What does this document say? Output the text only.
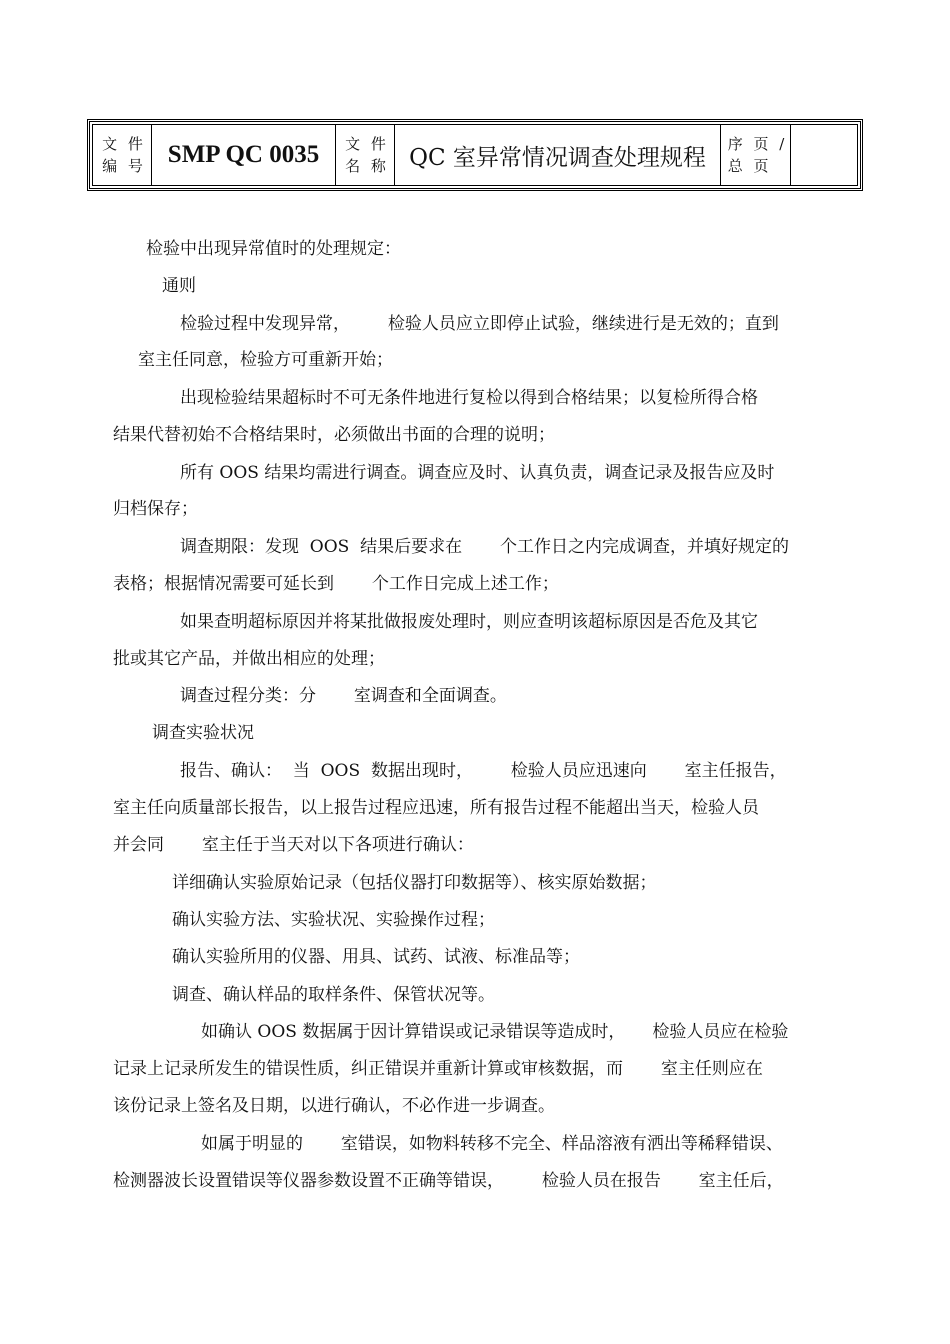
文 件
编 号 SMP QC 0035 文 件
名 称 QC 室异常情况调查处理规程
序 页 /
总 页
检验中出现异常值时的处理规定：
通则
检验过程中发现异常，       检验人员应立即停止试验，继续进行是无效的；直到
室主任同意，检验方可重新开始；
出现检验结果超标时不可无条件地进行复检以得到合格结果；以复检所得合格
结果代替初始不合格结果时，必须做出书面的合理的说明；
所有 OOS 结果均需进行调查。调查应及时、认真负责，调查记录及报告应及时
归档保存；
调查期限：发现  OOS  结果后要求在       个工作日之内完成调查，并填好规定的
表格；根据情况需要可延长到       个工作日完成上述工作；
如果查明超标原因并将某批做报废处理时，则应查明该超标原因是否危及其它
批或其它产品，并做出相应的处理；
调查过程分类：分       室调查和全面调查。
调查实验状况
报告、确认：  当  OOS  数据出现时，       检验人员应迅速向       室主任报告，
室主任向质量部长报告，以上报告过程应迅速，所有报告过程不能超出当天，检验人员
并会同       室主任于当天对以下各项进行确认：
详细确认实验原始记录（包括仪器打印数据等）、核实原始数据；
确认实验方法、实验状况、实验操作过程；
确认实验所用的仪器、用具、试药、试液、标准品等；
调查、确认样品的取样条件、保管状况等。
如确认 OOS 数据属于因计算错误或记录错误等造成时，     检验人员应在检验
记录上记录所发生的错误性质，纠正错误并重新计算或审核数据，而       室主任则应在
该份记录上签名及日期，以进行确认，不必作进一步调查。
如属于明显的       室错误，如物料转移不完全、样品溶液有洒出等稀释错误、
检测器波长设置错误等仪器参数设置不正确等错误，       检验人员在报告       室主任后，
